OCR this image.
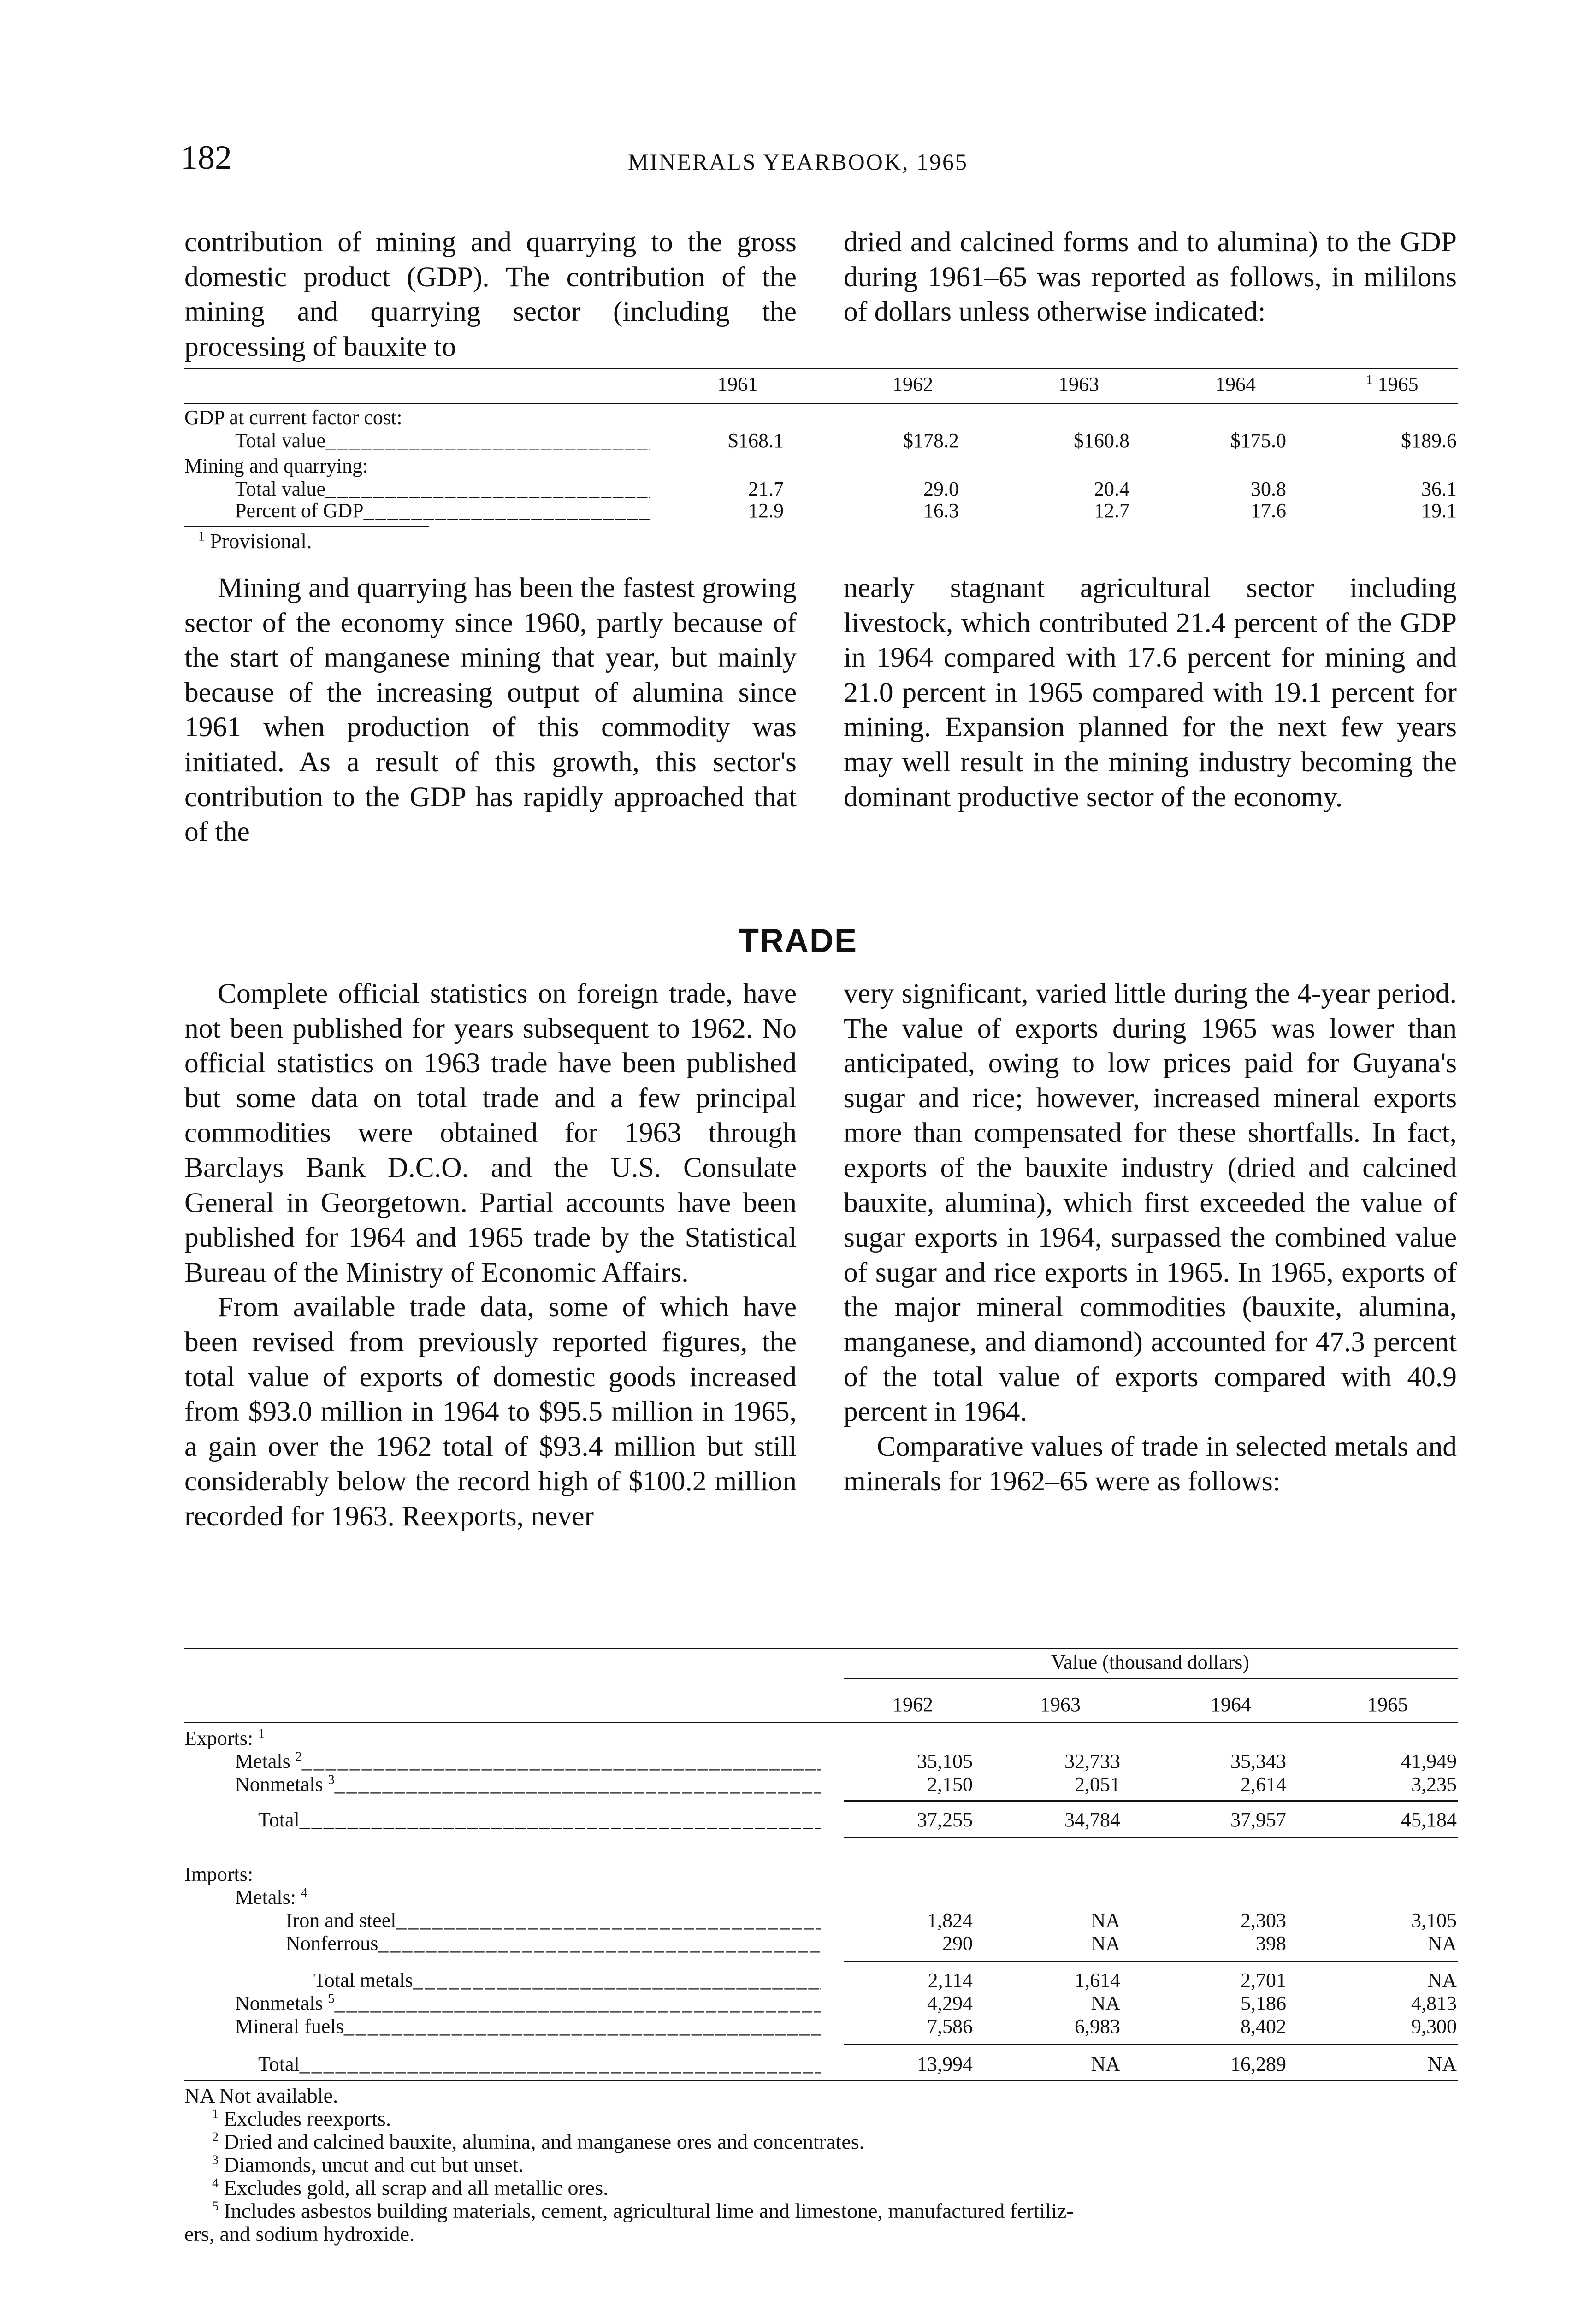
182	MINERALS YEARBOOK, 1965

contribution of mining and quarrying to the gross domestic product (GDP). The contribution of the mining and quarrying sector (including the processing of bauxite to

dried and calcined forms and to alumina) to the GDP during 1961–65 was reported as follows, in mililons of dollars unless otherwise indicated:

1961	1962	1963	1964	$^1$ 1965
GDP at current factor cost:
Total value _____	$168.1	$178.2	$160.8	$175.0	$189.6
Mining and quarrying:
Total value _____	21.7	29.0	20.4	30.8	36.1
Percent of GDP _____	12.9	16.3	12.7	17.6	19.1
$^1$ Provisional.

Mining and quarrying has been the fastest growing sector of the economy since 1960, partly because of the start of manganese mining that year, but mainly because of the increasing output of alumina since 1961 when production of this commodity was initiated. As a result of this growth, this sector's contribution to the GDP has rapidly approached that of the

nearly stagnant agricultural sector including livestock, which contributed 21.4 percent of the GDP in 1964 compared with 17.6 percent for mining and 21.0 percent in 1965 compared with 19.1 percent for mining. Expansion planned for the next few years may well result in the mining industry becoming the dominant productive sector of the economy.

TRADE

Complete official statistics on foreign trade, have not been published for years subsequent to 1962. No official statistics on 1963 trade have been published but some data on total trade and a few principal commodities were obtained for 1963 through Barclays Bank D.C.O. and the U.S. Consulate General in Georgetown. Partial accounts have been published for 1964 and 1965 trade by the Statistical Bureau of the Ministry of Economic Affairs.

From available trade data, some of which have been revised from previously reported figures, the total value of exports of domestic goods increased from $93.0 million in 1964 to $95.5 million in 1965, a gain over the 1962 total of $93.4 million but still considerably below the record high of $100.2 million recorded for 1963. Reexports, never

very significant, varied little during the 4-year period. The value of exports during 1965 was lower than anticipated, owing to low prices paid for Guyana's sugar and rice; however, increased mineral exports more than compensated for these shortfalls. In fact, exports of the bauxite industry (dried and calcined bauxite, alumina), which first exceeded the value of sugar exports in 1964, surpassed the combined value of sugar and rice exports in 1965. In 1965, exports of the major mineral commodities (bauxite, alumina, manganese, and diamond) accounted for 47.3 percent of the total value of exports compared with 40.9 percent in 1964.

Comparative values of trade in selected metals and minerals for 1962–65 were as follows:

Value (thousand dollars)
1962	1963	1964	1965
Exports: $^1$
Metals $^2$ _____	35,105	32,733	35,343	41,949
Nonmetals $^3$ _____	2,150	2,051	2,614	3,235
Total _____	37,255	34,784	37,957	45,184
Imports:
Metals: $^4$
Iron and steel _____	1,824	NA	2,303	3,105
Nonferrous _____	290	NA	398	NA
Total metals _____	2,114	1,614	2,701	NA
Nonmetals $^5$ _____	4,294	NA	5,186	4,813
Mineral fuels _____	7,586	6,983	8,402	9,300
Total _____	13,994	NA	16,289	NA
NA Not available.
$^1$ Excludes reexports.
$^2$ Dried and calcined bauxite, alumina, and manganese ores and concentrates.
$^3$ Diamonds, uncut and cut but unset.
$^4$ Excludes gold, all scrap and all metallic ores.
$^5$ Includes asbestos building materials, cement, agricultural lime and limestone, manufactured fertiliz-
ers, and sodium hydroxide.
